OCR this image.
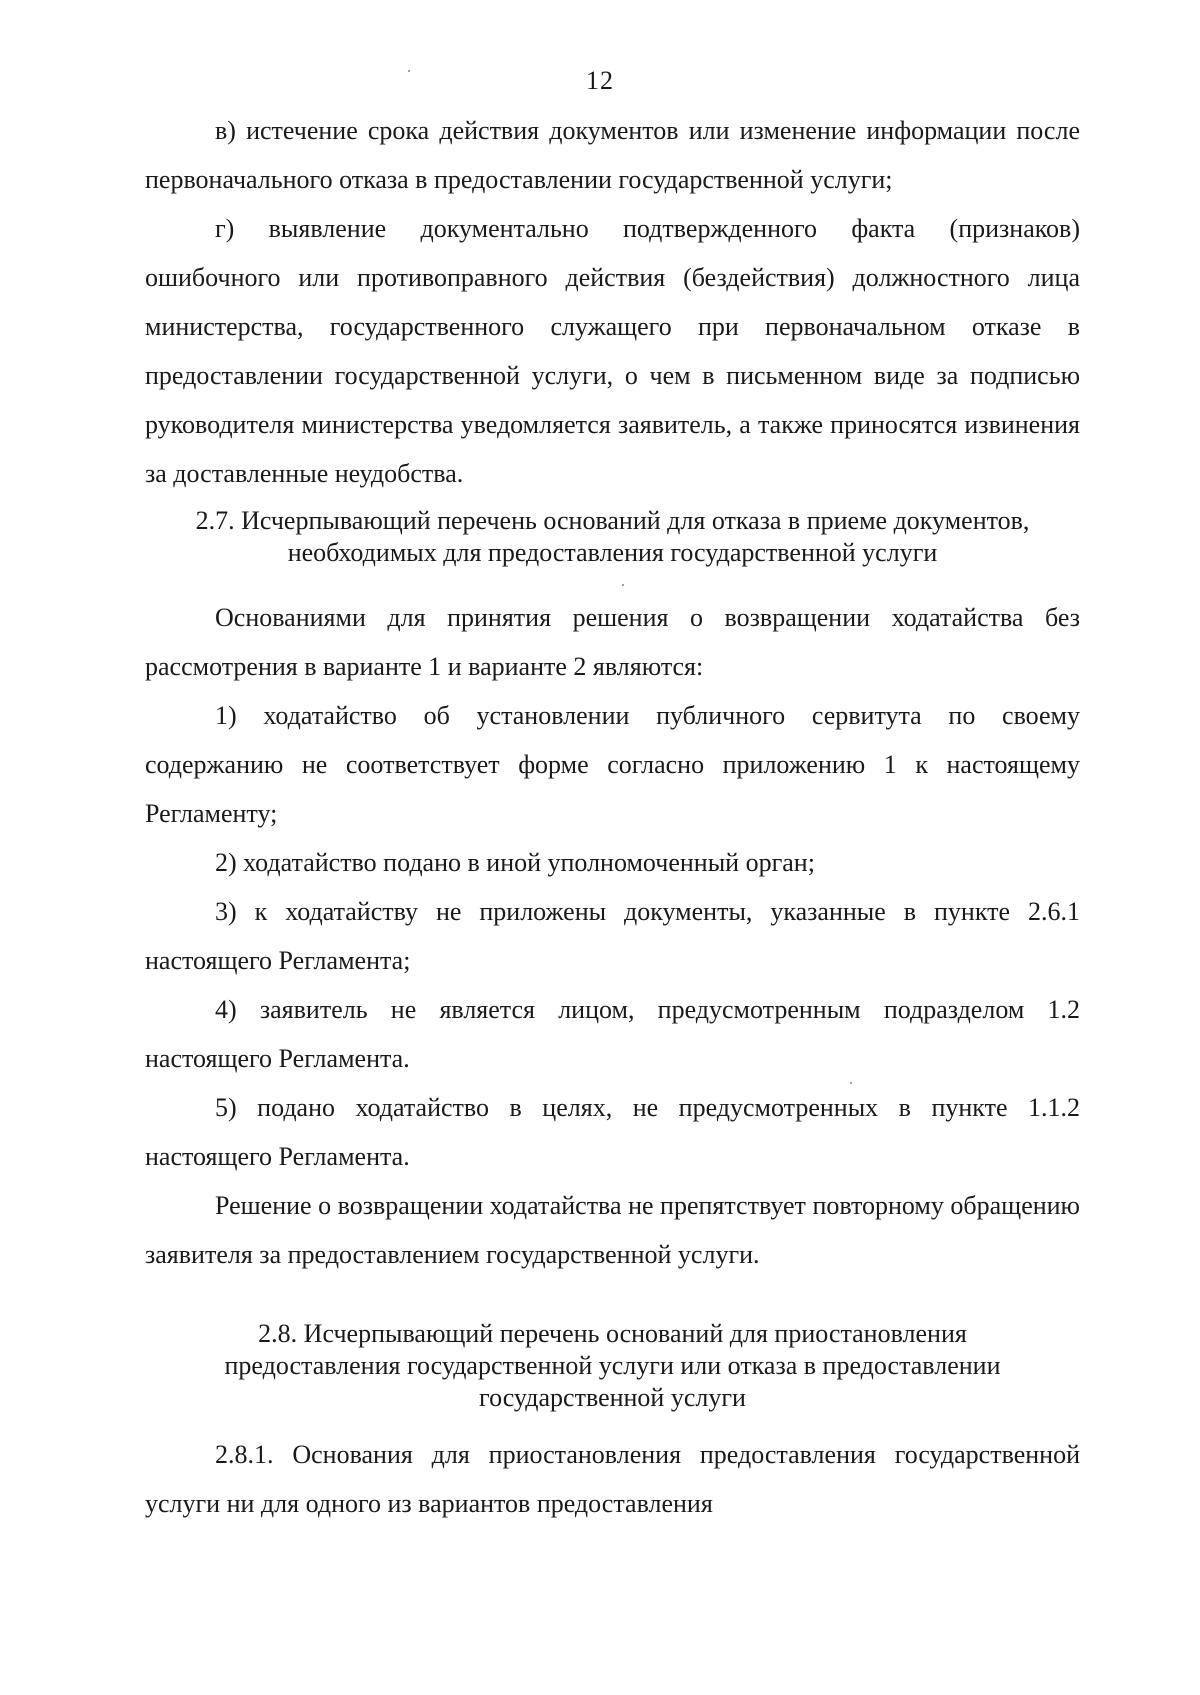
12

в) истечение срока действия документов или изменение информации после первоначального отказа в предоставлении государственной услуги;

г) выявление документально подтвержденного факта (признаков) ошибочного или противоправного действия (бездействия) должностного лица министерства, государственного служащего при первоначальном отказе в предоставлении государственной услуги, о чем в письменном виде за подписью руководителя министерства уведомляется заявитель, а также приносятся извинения за доставленные неудобства.

2.7. Исчерпывающий перечень оснований для отказа в приеме документов,

необходимых для предоставления государственной услуги

Основаниями для принятия решения о возвращении ходатайства без рассмотрения в варианте 1 и варианте 2 являются:

1) ходатайство об установлении публичного сервитута по своему содержанию не соответствует форме согласно приложению 1 к настоящему Регламенту;

2) ходатайство подано в иной уполномоченный орган;

3) к ходатайству не приложены документы, указанные в пункте 2.6.1 настоящего Регламента;

4) заявитель не является лицом, предусмотренным подразделом 1.2 настоящего Регламента.

5) подано ходатайство в целях, не предусмотренных в пункте 1.1.2 настоящего Регламента.

Решение о возвращении ходатайства не препятствует повторному обращению заявителя за предоставлением государственной услуги.

2.8. Исчерпывающий перечень оснований для приостановления

предоставления государственной услуги или отказа в предоставлении

государственной услуги

2.8.1. Основания для приостановления предоставления государственной услуги ни для одного из вариантов предоставления
